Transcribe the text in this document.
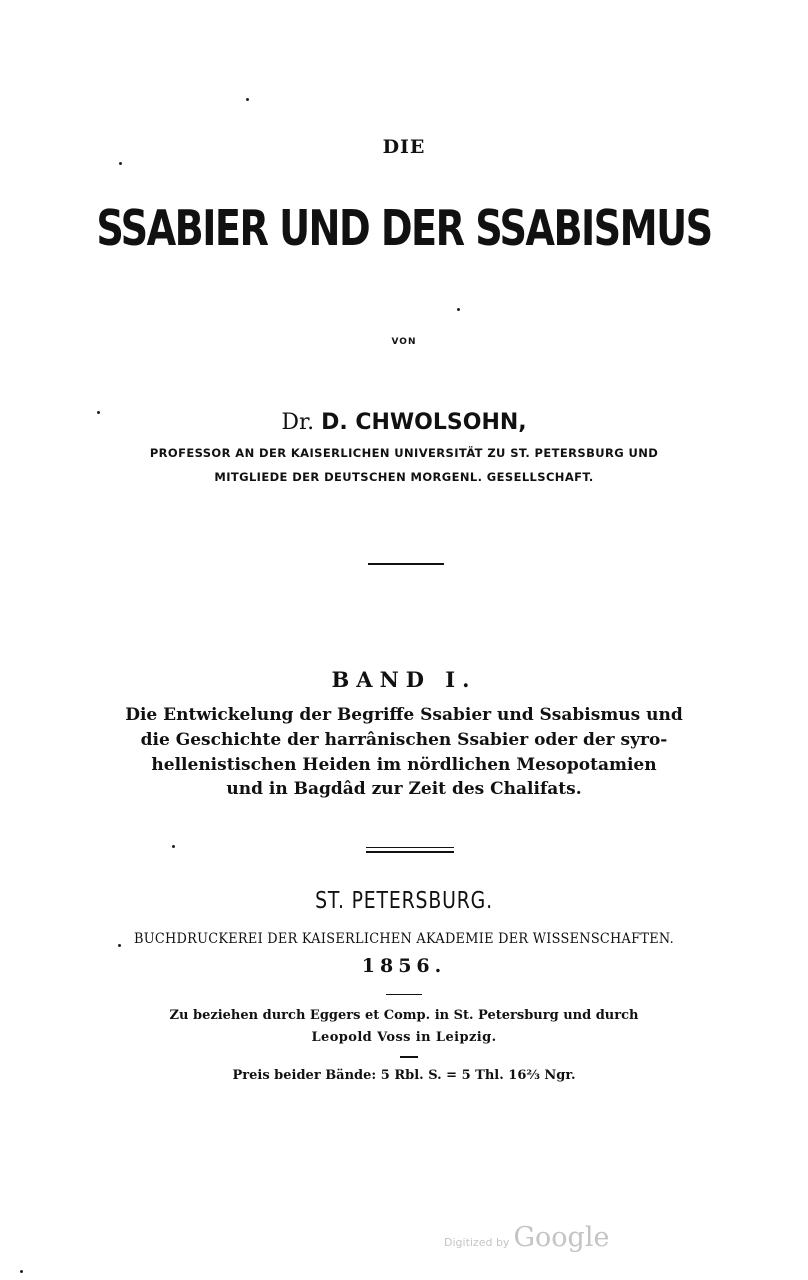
DIE
SSABIER UND DER SSABISMUS
VON
Dr. D. CHWOLSOHN,
PROFESSOR AN DER KAISERLICHEN UNIVERSITÄT ZU ST. PETERSBURG UND
MITGLIEDE DER DEUTSCHEN MORGENL. GESELLSCHAFT.
BAND I.
Die Entwickelung der Begriffe Ssabier und Ssabismus und
die Geschichte der harrânischen Ssabier oder der syro-
hellenistischen Heiden im nördlichen Mesopotamien
und in Bagdâd zur Zeit des Chalifats.
ST. PETERSBURG.
BUCHDRUCKEREI DER KAISERLICHEN AKADEMIE DER WISSENSCHAFTEN.
1856.
Zu beziehen durch Eggers et Comp. in St. Petersburg und durch
Leopold Voss in Leipzig.
Preis beider Bände: 5 Rbl. S. = 5 Thl. 16⅔ Ngr.
Digitized by Google
